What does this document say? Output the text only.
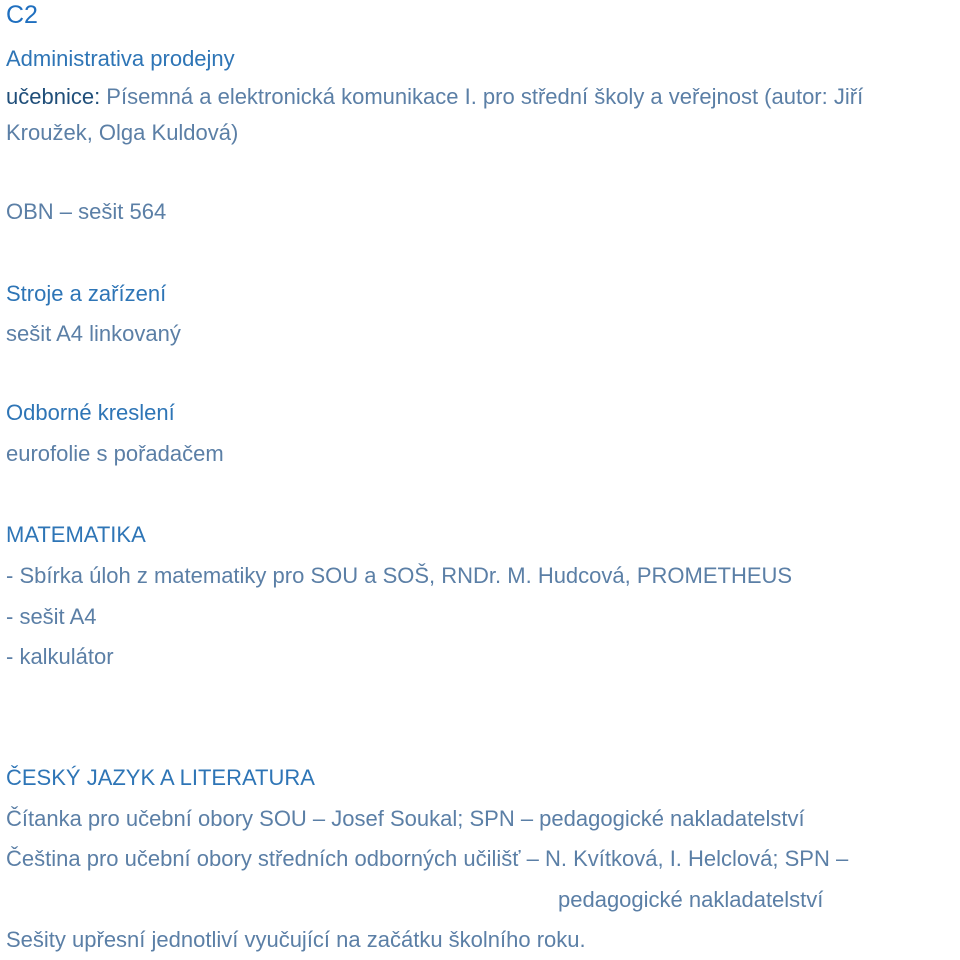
C2
Administrativa prodejny
učebnice: Písemná a elektronická komunikace I. pro střední školy a veřejnost (autor: Jiří
Kroužek, Olga Kuldová)
OBN – sešit 564
Stroje a zařízení
sešit A4 linkovaný
Odborné kreslení
eurofolie s pořadačem
MATEMATIKA
- Sbírka úloh z matematiky pro SOU a SOŠ, RNDr. M. Hudcová, PROMETHEUS
- sešit A4
- kalkulátor
ČESKÝ JAZYK A LITERATURA
Čítanka pro učební obory SOU – Josef Soukal; SPN – pedagogické nakladatelství
Čeština pro učební obory středních odborných učilišť – N. Kvítková, I. Helclová; SPN –
pedagogické nakladatelství
Sešity upřesní jednotliví vyučující na začátku školního roku.
